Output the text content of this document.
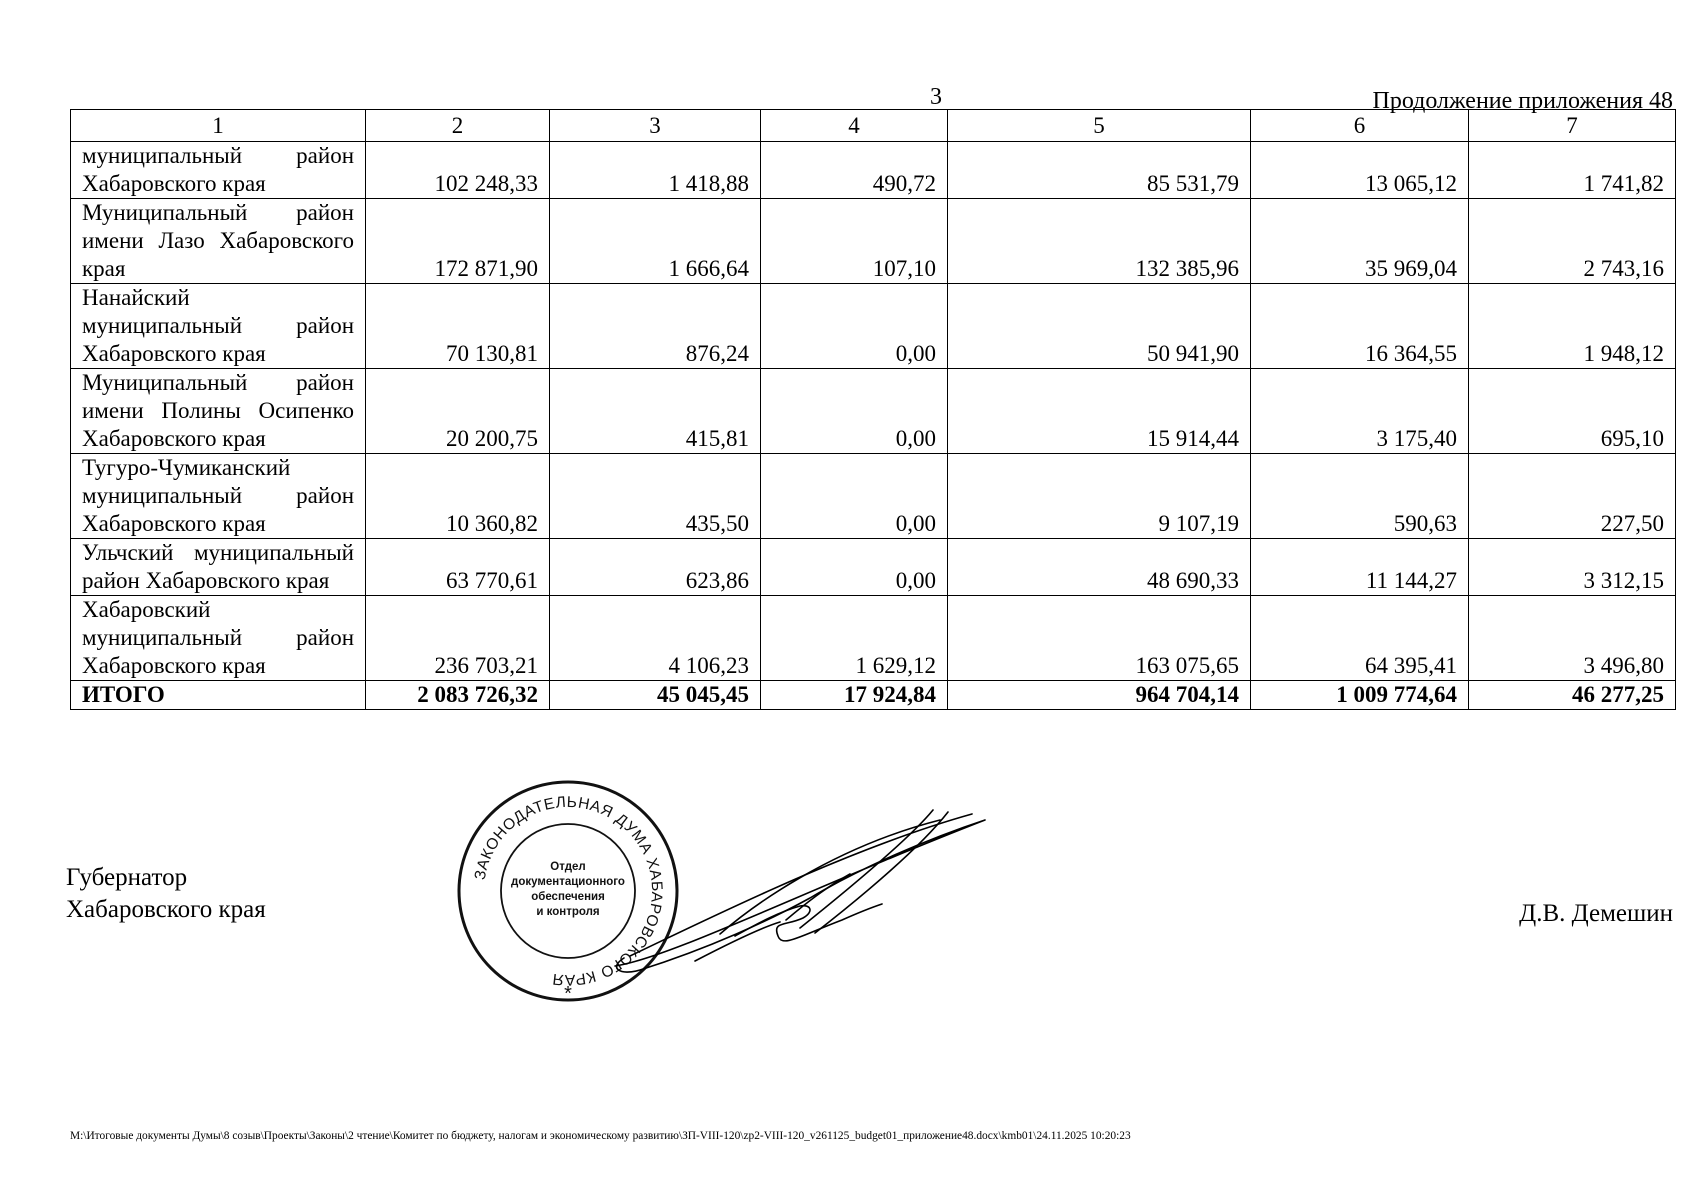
3	Продолжение приложения 48
1	2	3	4	5	6	7
муниципальный район Хабаровского края	102 248,33	1 418,88	490,72	85 531,79	13 065,12	1 741,82
Муниципальный район имени Лазо Хабаровского края	172 871,90	1 666,64	107,10	132 385,96	35 969,04	2 743,16
Нанайский муниципальный район Хабаровского края	70 130,81	876,24	0,00	50 941,90	16 364,55	1 948,12
Муниципальный район имени Полины Осипенко Хабаровского края	20 200,75	415,81	0,00	15 914,44	3 175,40	695,10
Тугуро-Чумиканский муниципальный район Хабаровского края	10 360,82	435,50	0,00	9 107,19	590,63	227,50
Ульчский муниципальный район Хабаровского края	63 770,61	623,86	0,00	48 690,33	11 144,27	3 312,15
Хабаровский муниципальный район Хабаровского края	236 703,21	4 106,23	1 629,12	163 075,65	64 395,41	3 496,80
ИТОГО	2 083 726,32	45 045,45	17 924,84	964 704,14	1 009 774,64	46 277,25
Губернатор
Хабаровского края
ЗАКОНОДАТЕЛЬНАЯ ДУМА ХАБАРОВСКОГО КРАЯ
Отдел
документационного
обеспечения
и контроля
*
Д.В. Демешин
M:\Итоговые документы Думы\8 созыв\Проекты\Законы\2 чтение\Комитет по бюджету, налогам и экономическому развитию\ЗП-VIII-120\zp2-VIII-120_v261125_budget01_приложение48.docx\kmb01\24.11.2025 10:20:23
